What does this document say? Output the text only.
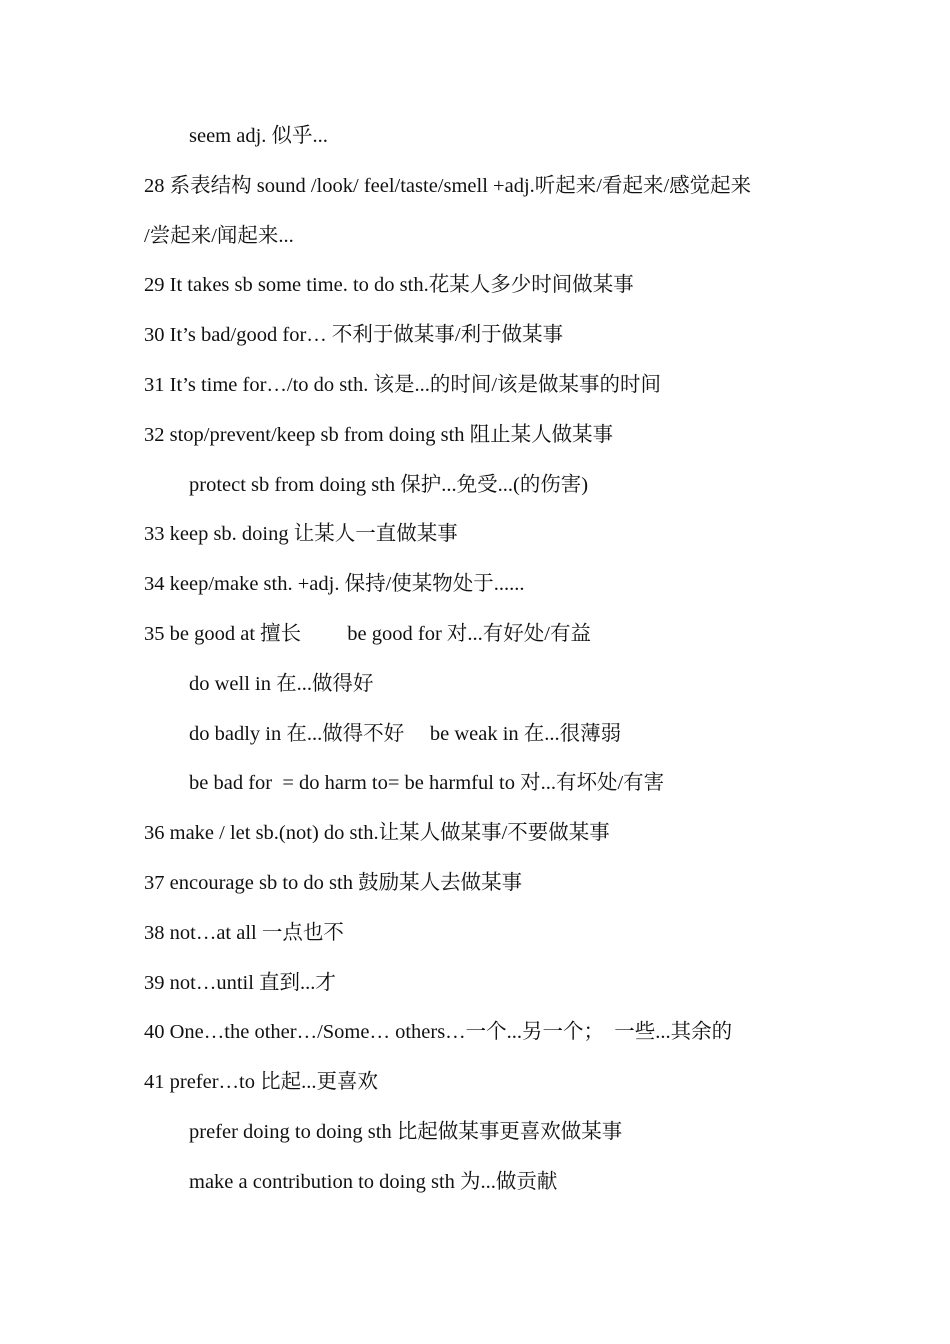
seem adj. 似乎...
28 系表结构 sound /look/ feel/taste/smell +adj.听起来/看起来/感觉起来
/尝起来/闻起来...
29 It takes sb some time. to do sth.花某人多少时间做某事
30 It’s bad/good for… 不利于做某事/利于做某事
31 It’s time for…/to do sth. 该是...的时间/该是做某事的时间
32 stop/prevent/keep sb from doing sth 阻止某人做某事
protect sb from doing sth 保护...免受...(的伤害)
33 keep sb. doing 让某人一直做某事
34 keep/make sth. +adj. 保持/使某物处于......
35 be good at 擅长         be good for 对...有好处/有益
do well in 在...做得好
do badly in 在...做得不好     be weak in 在...很薄弱
be bad for  = do harm to= be harmful to 对...有坏处/有害
36 make / let sb.(not) do sth.让某人做某事/不要做某事
37 encourage sb to do sth 鼓励某人去做某事
38 not…at all 一点也不
39 not…until 直到...才
40 One…the other…/Some… others…一个...另一个；  一些...其余的
41 prefer…to 比起...更喜欢
prefer doing to doing sth 比起做某事更喜欢做某事
make a contribution to doing sth 为...做贡献
